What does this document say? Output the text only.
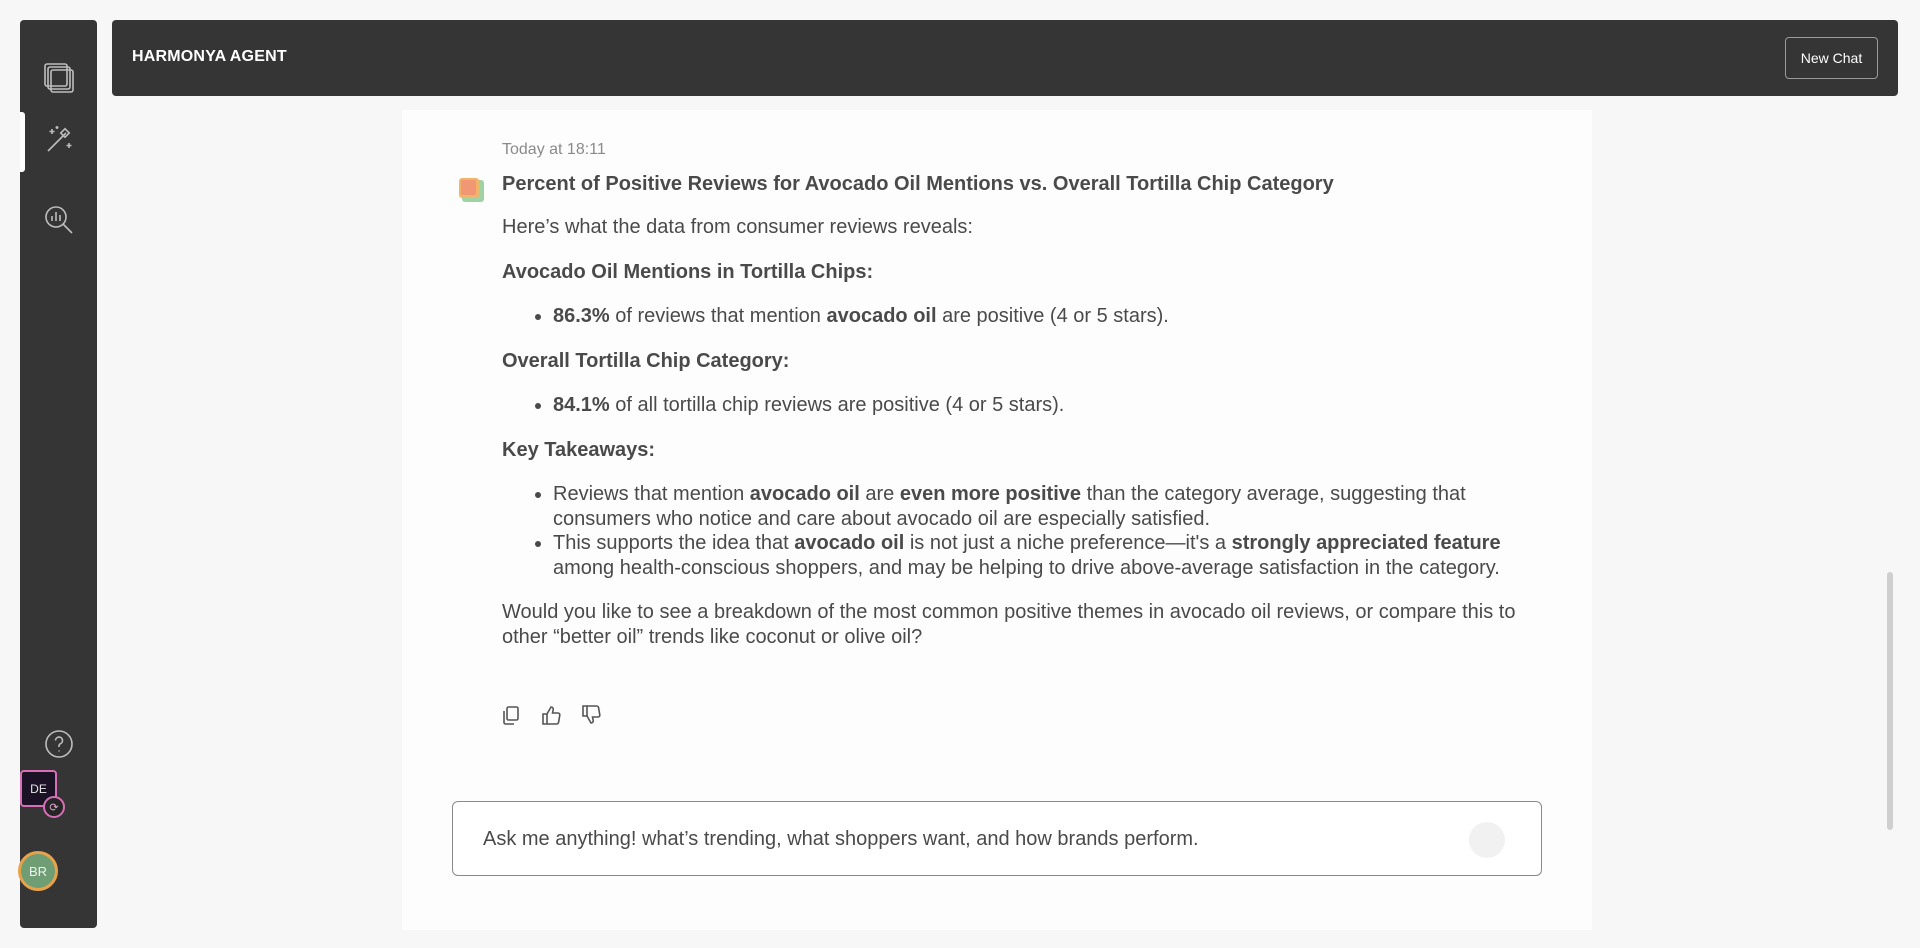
DE
⟳
BR
HARMONYA AGENT	New Chat
Today at 18:11
Percent of Positive Reviews for Avocado Oil Mentions vs. Overall Tortilla Chip Category

Here’s what the data from consumer reviews reveals:

Avocado Oil Mentions in Tortilla Chips:

• 86.3% of reviews that mention avocado oil are positive (4 or 5 stars).

Overall Tortilla Chip Category:

• 84.1% of all tortilla chip reviews are positive (4 or 5 stars).

Key Takeaways:

• Reviews that mention avocado oil are even more positive than the category average, suggesting that consumers who notice and care about avocado oil are especially satisfied.
• This supports the idea that avocado oil is not just a niche preference—it's a strongly appreciated feature among health-conscious shoppers, and may be helping to drive above-average satisfaction in the category.

Would you like to see a breakdown of the most common positive themes in avocado oil reviews, or compare this to other “better oil” trends like coconut or olive oil?

Ask me anything! what’s trending, what shoppers want, and how brands perform.
